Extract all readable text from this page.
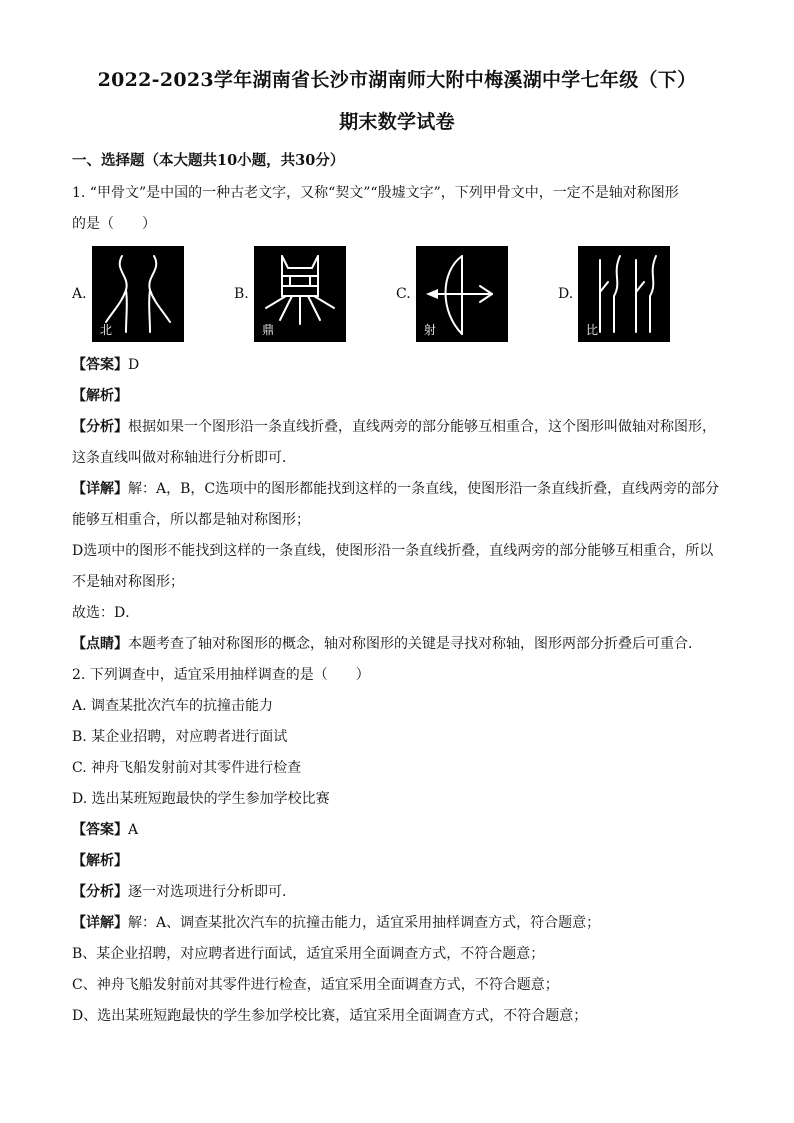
2022-2023学年湖南省长沙市湖南师大附中梅溪湖中学七年级（下）

期末数学试卷

一、选择题（本大题共10小题，共30分）

1. “甲骨文”是中国的一种古老文字，又称“契文”“殷墟文字”，下列甲骨文中，一定不是轴对称图形

的是（　　）

A.
北
B.
鼎
C.
射
D.
比

【答案】D

【解析】

【分析】根据如果一个图形沿一条直线折叠，直线两旁的部分能够互相重合，这个图形叫做轴对称图形，

这条直线叫做对称轴进行分析即可．

【详解】解：A，B，C选项中的图形都能找到这样的一条直线，使图形沿一条直线折叠，直线两旁的部分

能够互相重合，所以都是轴对称图形；

D选项中的图形不能找到这样的一条直线，使图形沿一条直线折叠，直线两旁的部分能够互相重合，所以

不是轴对称图形；

故选：D．

【点睛】本题考查了轴对称图形的概念，轴对称图形的关键是寻找对称轴，图形两部分折叠后可重合．

2. 下列调查中，适宜采用抽样调查的是（　　）

A. 调查某批次汽车的抗撞击能力

B. 某企业招聘，对应聘者进行面试

C. 神舟飞船发射前对其零件进行检查

D. 选出某班短跑最快的学生参加学校比赛

【答案】A

【解析】

【分析】逐一对选项进行分析即可．

【详解】解：A、调查某批次汽车的抗撞击能力，适宜采用抽样调查方式，符合题意；

B、某企业招聘，对应聘者进行面试，适宜采用全面调查方式，不符合题意；

C、神舟飞船发射前对其零件进行检查，适宜采用全面调查方式，不符合题意；

D、选出某班短跑最快的学生参加学校比赛，适宜采用全面调查方式，不符合题意；
